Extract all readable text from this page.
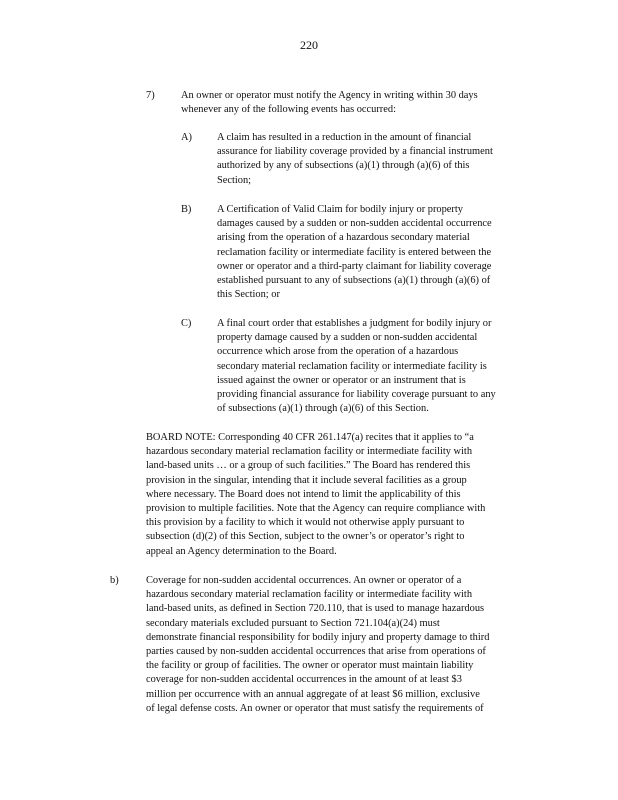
220
7)	An owner or operator must notify the Agency in writing within 30 days
whenever any of the following events has occurred:
A) A claim has resulted in a reduction in the amount of financial
assurance for liability coverage provided by a financial instrument
authorized by any of subsections (a)(1) through (a)(6) of this
Section;
B) A Certification of Valid Claim for bodily injury or property
damages caused by a sudden or non-sudden accidental occurrence
arising from the operation of a hazardous secondary material
reclamation facility or intermediate facility is entered between the
owner or operator and a third-party claimant for liability coverage
established pursuant to any of subsections (a)(1) through (a)(6) of
this Section; or
C) A final court order that establishes a judgment for bodily injury or
property damage caused by a sudden or non-sudden accidental
occurrence which arose from the operation of a hazardous
secondary material reclamation facility or intermediate facility is
issued against the owner or operator or an instrument that is
providing financial assurance for liability coverage pursuant to any
of subsections (a)(1) through (a)(6) of this Section.
BOARD NOTE: Corresponding 40 CFR 261.147(a) recites that it applies to “a
hazardous secondary material reclamation facility or intermediate facility with
land-based units … or a group of such facilities.” The Board has rendered this
provision in the singular, intending that it include several facilities as a group
where necessary. The Board does not intend to limit the applicability of this
provision to multiple facilities. Note that the Agency can require compliance with
this provision by a facility to which it would not otherwise apply pursuant to
subsection (d)(2) of this Section, subject to the owner’s or operator’s right to
appeal an Agency determination to the Board.
b)	Coverage for non-sudden accidental occurrences. An owner or operator of a
hazardous secondary material reclamation facility or intermediate facility with
land-based units, as defined in Section 720.110, that is used to manage hazardous
secondary materials excluded pursuant to Section 721.104(a)(24) must
demonstrate financial responsibility for bodily injury and property damage to third
parties caused by non-sudden accidental occurrences that arise from operations of
the facility or group of facilities. The owner or operator must maintain liability
coverage for non-sudden accidental occurrences in the amount of at least $3
million per occurrence with an annual aggregate of at least $6 million, exclusive
of legal defense costs. An owner or operator that must satisfy the requirements of
